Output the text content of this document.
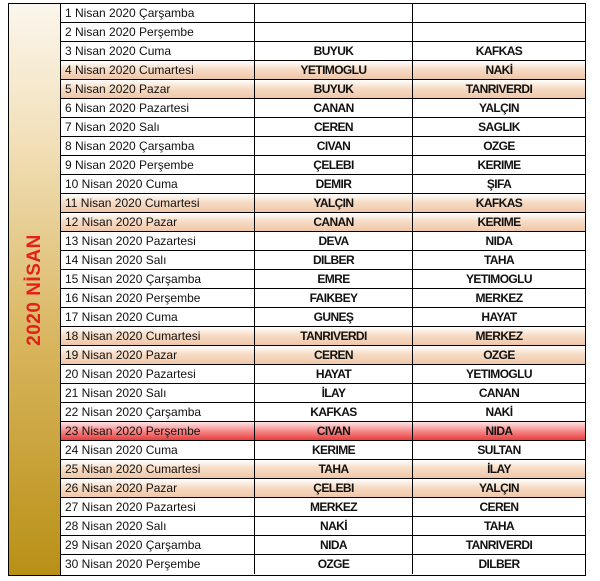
2020 NİSAN
1 Nisan 2020 Çarşamba
2 Nisan 2020 Perşembe
3 Nisan 2020 Cuma	BUYUK	KAFKAS
4 Nisan 2020 Cumartesi	YETIMOGLU	NAKİ
5 Nisan 2020 Pazar	BUYUK	TANRIVERDI
6 Nisan 2020 Pazartesi	CANAN	YALÇIN
7 Nisan 2020 Salı	CEREN	SAGLIK
8 Nisan 2020 Çarşamba	CIVAN	OZGE
9 Nisan 2020 Perşembe	ÇELEBI	KERIME
10 Nisan 2020 Cuma	DEMIR	ŞIFA
11 Nisan 2020 Cumartesi	YALÇIN	KAFKAS
12 Nisan 2020 Pazar	CANAN	KERIME
13 Nisan 2020 Pazartesi	DEVA	NIDA
14 Nisan 2020 Salı	DILBER	TAHA
15 Nisan 2020 Çarşamba	EMRE	YETIMOGLU
16 Nisan 2020 Perşembe	FAIKBEY	MERKEZ
17 Nisan 2020 Cuma	GUNEŞ	HAYAT
18 Nisan 2020 Cumartesi	TANRIVERDI	MERKEZ
19 Nisan 2020 Pazar	CEREN	OZGE
20 Nisan 2020 Pazartesi	HAYAT	YETIMOGLU
21 Nisan 2020 Salı	İLAY	CANAN
22 Nisan 2020 Çarşamba	KAFKAS	NAKİ
23 Nisan 2020 Perşembe	CIVAN	NIDA
24 Nisan 2020 Cuma	KERIME	SULTAN
25 Nisan 2020 Cumartesi	TAHA	İLAY
26 Nisan 2020 Pazar	ÇELEBI	YALÇIN
27 Nisan 2020 Pazartesi	MERKEZ	CEREN
28 Nisan 2020 Salı	NAKİ	TAHA
29 Nisan 2020 Çarşamba	NIDA	TANRIVERDI
30 Nisan 2020 Perşembe	OZGE	DILBER
